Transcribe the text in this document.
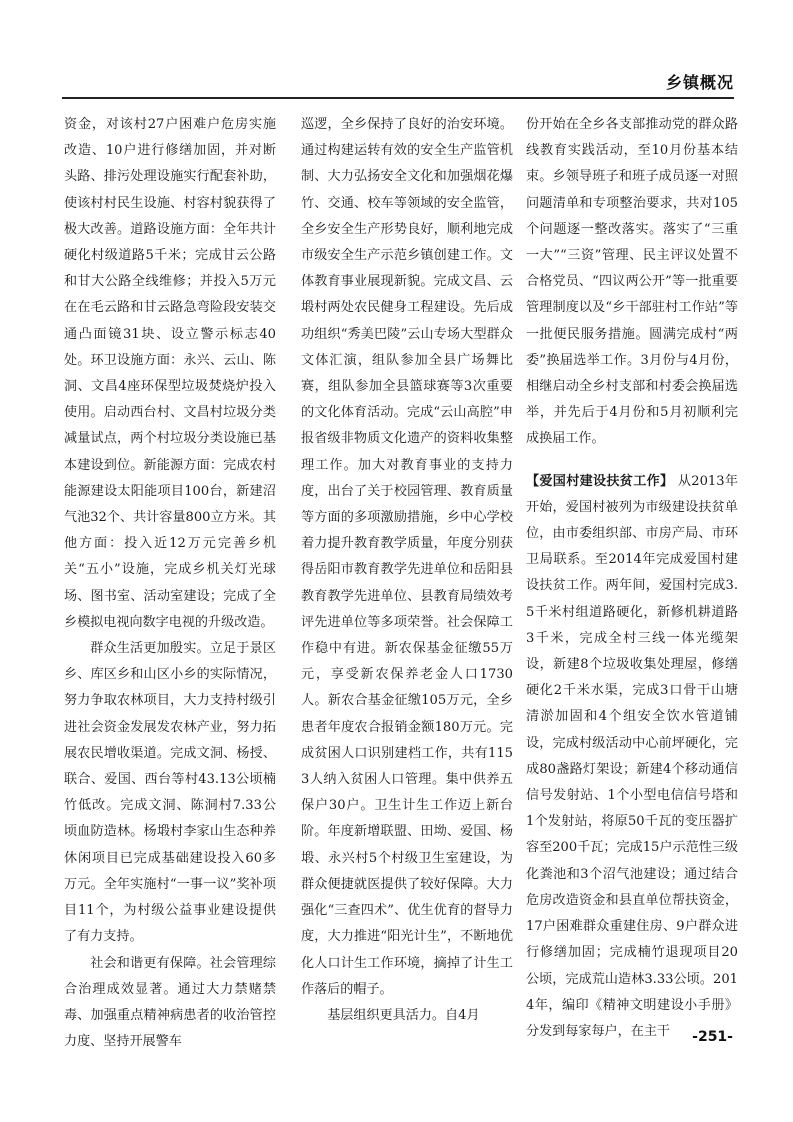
乡镇概况

资金，对该村27户困难户危房实施改造、10户进行修缮加固，并对断头路、排污处理设施实行配套补助，使该村村民生设施、村容村貌获得了极大改善。道路设施方面：全年共计硬化村级道路5千米；完成甘云公路和甘大公路全线维修；并投入5万元在在毛云路和甘云路急弯险段安装交通凸面镜31块、设立警示标志40处。环卫设施方面：永兴、云山、陈洞、文昌4座环保型垃圾焚烧炉投入使用。启动西台村、文昌村垃圾分类减量试点，两个村垃圾分类设施已基本建设到位。新能源方面：完成农村能源建设太阳能项目100台，新建沼气池32个、共计容量800立方米。其他方面：投入近12万元完善乡机关“五小”设施，完成乡机关灯光球场、图书室、活动室建设；完成了全乡模拟电视向数字电视的升级改造。

群众生活更加殷实。立足于景区乡、库区乡和山区小乡的实际情况，努力争取农林项目，大力支持村级引进社会资金发展发农林产业，努力拓展农民增收渠道。完成文洞、杨授、联合、爱国、西台等村43.13公顷楠竹低改。完成文洞、陈洞村7.33公顷血防造林。杨塅村李家山生态种养休闲项目已完成基础建设投入60多万元。全年实施村“一事一议”奖补项目11个，为村级公益事业建设提供了有力支持。

社会和谐更有保障。社会管理综合治理成效显著。通过大力禁赌禁毒、加强重点精神病患者的收治管控力度、坚持开展警车

巡逻，全乡保持了良好的治安环境。通过构建运转有效的安全生产监管机制、大力弘扬安全文化和加强烟花爆竹、交通、校车等领域的安全监管，全乡安全生产形势良好，顺利地完成市级安全生产示范乡镇创建工作。文体教育事业展现新貌。完成文昌、云塅村两处农民健身工程建设。先后成功组织“秀美巴陵”云山专场大型群众文体汇演，组队参加全县广场舞比赛，组队参加全县篮球赛等3次重要的文化体育活动。完成“云山高腔”申报省级非物质文化遗产的资料收集整理工作。加大对教育事业的支持力度，出台了关于校园管理、教育质量等方面的多项激励措施，乡中心学校着力提升教育教学质量，年度分别获得岳阳市教育教学先进单位和岳阳县教育教学先进单位、县教育局绩效考评先进单位等多项荣誉。社会保障工作稳中有进。新农保基金征缴55万元，享受新农保养老金人口1730人。新农合基金征缴105万元，全乡患者年度农合报销金额180万元。完成贫困人口识别建档工作，共有1153人纳入贫困人口管理。集中供养五保户30户。卫生计生工作迈上新台阶。年度新增联盟、田坳、爱国、杨塅、永兴村5个村级卫生室建设，为群众便捷就医提供了较好保障。大力强化“三查四术”、优生优育的督导力度，大力推进“阳光计生”，不断地优化人口计生工作环境，摘掉了计生工作落后的帽子。

基层组织更具活力。自4月

份开始在全乡各支部推动党的群众路线教育实践活动，至10月份基本结束。乡领导班子和班子成员逐一对照问题清单和专项整治要求，共对105个问题逐一整改落实。落实了“三重一大”“三资”管理、民主评议处置不合格党员、“四议两公开”等一批重要管理制度以及“乡干部驻村工作站”等一批便民服务措施。圆满完成村“两委”换届选举工作。3月份与4月份，相继启动全乡村支部和村委会换届选举，并先后于4月份和5月初顺利完成换届工作。

【爱国村建设扶贫工作】 从2013年开始，爱国村被列为市级建设扶贫单位，由市委组织部、市房产局、市环卫局联系。至2014年完成爱国村建设扶贫工作。两年间，爱国村完成3.5千米村组道路硬化，新修机耕道路3千米，完成全村三线一体光缆架设，新建8个垃圾收集处理屋，修缮硬化2千米水渠，完成3口骨干山塘清淤加固和4个组安全饮水管道铺设，完成村级活动中心前坪硬化，完成80盏路灯架设；新建4个移动通信信号发射站、1个小型电信信号塔和1个发射站，将原50千瓦的变压器扩容至200千瓦；完成15户示范性三级化粪池和3个沼气池建设；通过结合危房改造资金和县直单位帮扶资金，17户困难群众重建住房、9户群众进行修缮加固；完成楠竹退现项目20公顷，完成荒山造林3.33公顷。2014年，编印《精神文明建设小手册》分发到每家每户，在主干	-251-
